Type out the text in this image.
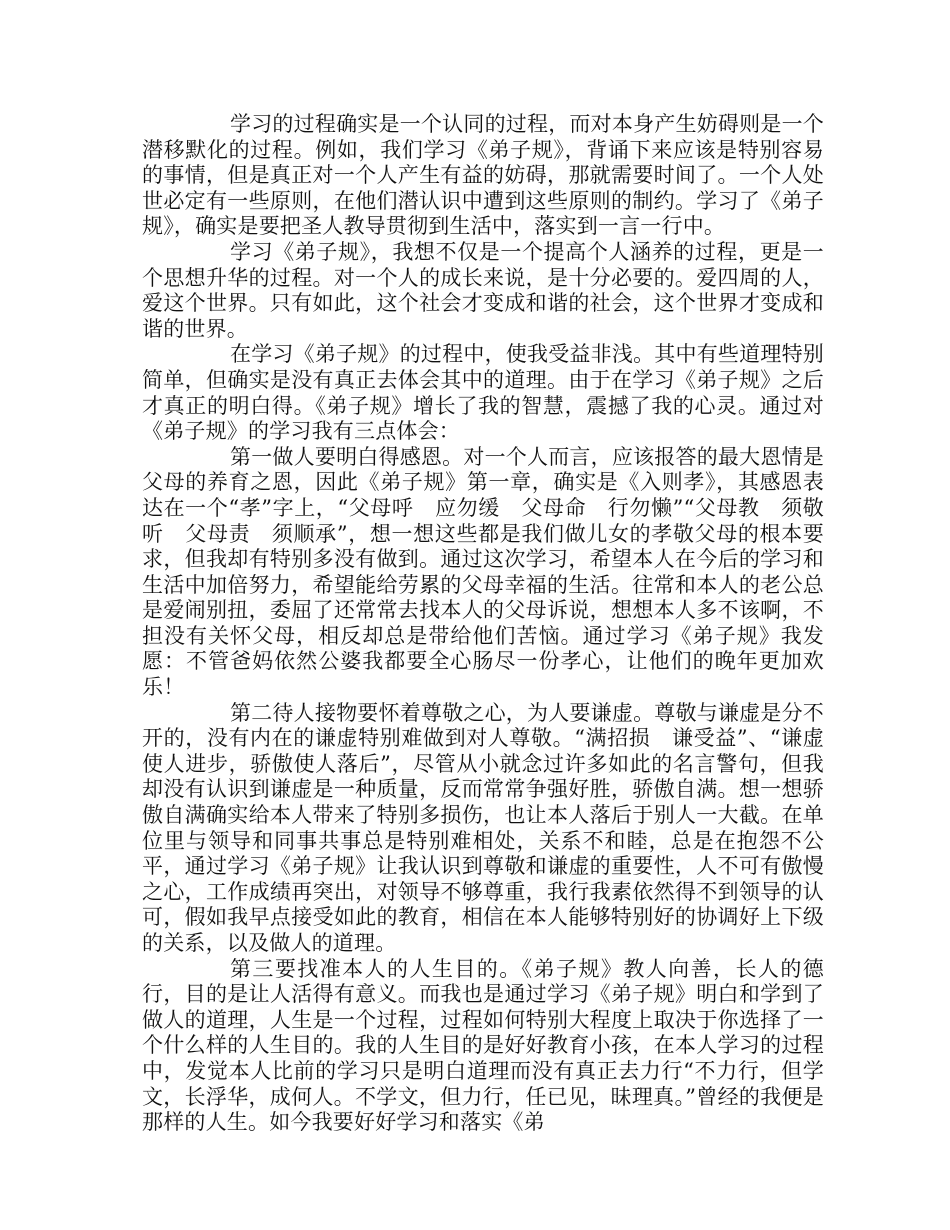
学习的过程确实是一个认同的过程，而对本身产生妨碍则是一个潜移默化的过程。例如，我们学习《弟子规》，背诵下来应该是特别容易的事情，但是真正对一个人产生有益的妨碍，那就需要时间了。一个人处世必定有一些原则，在他们潜认识中遭到这些原则的制约。学习了《弟子规》，确实是要把圣人教导贯彻到生活中，落实到一言一行中。

学习《弟子规》，我想不仅是一个提高个人涵养的过程，更是一个思想升华的过程。对一个人的成长来说，是十分必要的。爱四周的人，爱这个世界。只有如此，这个社会才变成和谐的社会，这个世界才变成和谐的世界。

在学习《弟子规》的过程中，使我受益非浅。其中有些道理特别简单，但确实是没有真正去体会其中的道理。由于在学习《弟子规》之后才真正的明白得。《弟子规》增长了我的智慧，震撼了我的心灵。通过对《弟子规》的学习我有三点体会：

第一做人要明白得感恩。对一个人而言，应该报答的最大恩情是父母的养育之恩，因此《弟子规》第一章，确实是《入则孝》，其感恩表达在一个“孝”字上，“父母呼　应勿缓　父母命　行勿懒”“父母教　须敬听　父母责　须顺承”，想一想这些都是我们做儿女的孝敬父母的根本要求，但我却有特别多没有做到。通过这次学习，希望本人在今后的学习和生活中加倍努力，希望能给劳累的父母幸福的生活。往常和本人的老公总是爱闹别扭，委屈了还常常去找本人的父母诉说，想想本人多不该啊，不担没有关怀父母，相反却总是带给他们苦恼。通过学习《弟子规》我发愿：不管爸妈依然公婆我都要全心肠尽一份孝心，让他们的晚年更加欢乐！

第二待人接物要怀着尊敬之心，为人要谦虚。尊敬与谦虚是分不开的，没有内在的谦虚特别难做到对人尊敬。“满招损　谦受益”、“谦虚使人进步，骄傲使人落后”，尽管从小就念过许多如此的名言警句，但我却没有认识到谦虚是一种质量，反而常常争强好胜，骄傲自满。想一想骄傲自满确实给本人带来了特别多损伤，也让本人落后于别人一大截。在单位里与领导和同事共事总是特别难相处，关系不和睦，总是在抱怨不公平，通过学习《弟子规》让我认识到尊敬和谦虚的重要性，人不可有傲慢之心，工作成绩再突出，对领导不够尊重，我行我素依然得不到领导的认可，假如我早点接受如此的教育，相信在本人能够特别好的协调好上下级的关系，以及做人的道理。

第三要找准本人的人生目的。《弟子规》教人向善，长人的德行，目的是让人活得有意义。而我也是通过学习《弟子规》明白和学到了做人的道理，人生是一个过程，过程如何特别大程度上取决于你选择了一个什么样的人生目的。我的人生目的是好好教育小孩，在本人学习的过程中，发觉本人比前的学习只是明白道理而没有真正去力行“不力行，但学文，长浮华，成何人。不学文，但力行，任已见，昧理真。”曾经的我便是那样的人生。如今我要好好学习和落实《弟
